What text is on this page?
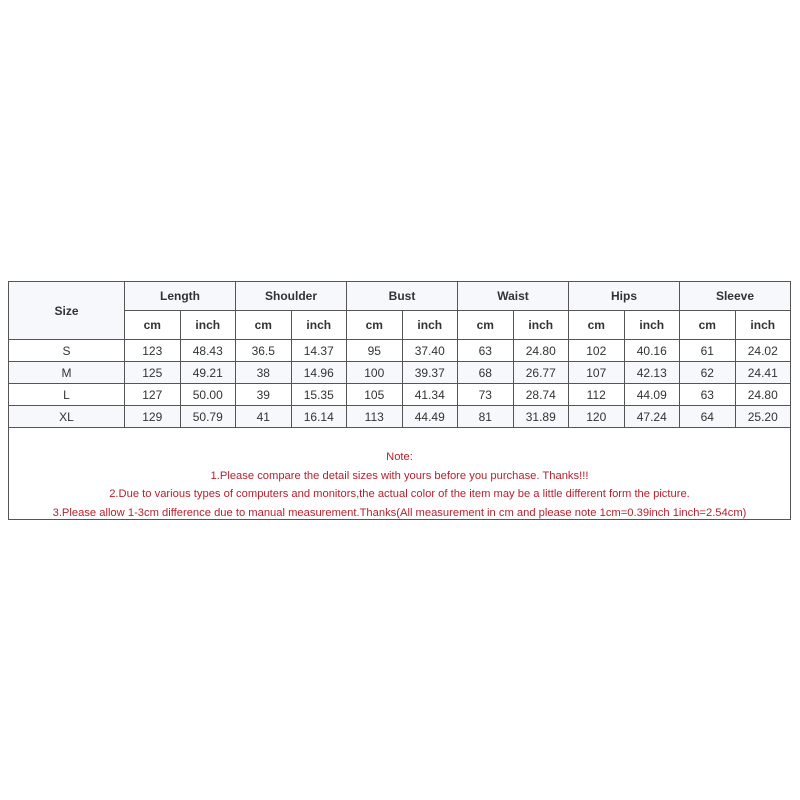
Size	Length		Shoulder		Bust		Waist		Hips		Sleeve	
	cm	inch	cm	inch	cm	inch	cm	inch	cm	inch	cm	inch
S	123	48.43	36.5	14.37	95	37.40	63	24.80	102	40.16	61	24.02
M	125	49.21	38	14.96	100	39.37	68	26.77	107	42.13	62	24.41
L	127	50.00	39	15.35	105	41.34	73	28.74	112	44.09	63	24.80
XL	129	50.79	41	16.14	113	44.49	81	31.89	120	47.24	64	25.20
Note:
1.Please compare the detail sizes with yours before you purchase. Thanks!!!
2.Due to various types of computers and monitors,the actual color of the item may be a little different form the picture.
3.Please allow 1-3cm difference due to manual measurement.Thanks(All measurement in cm and please note 1cm=0.39inch 1inch=2.54cm)
